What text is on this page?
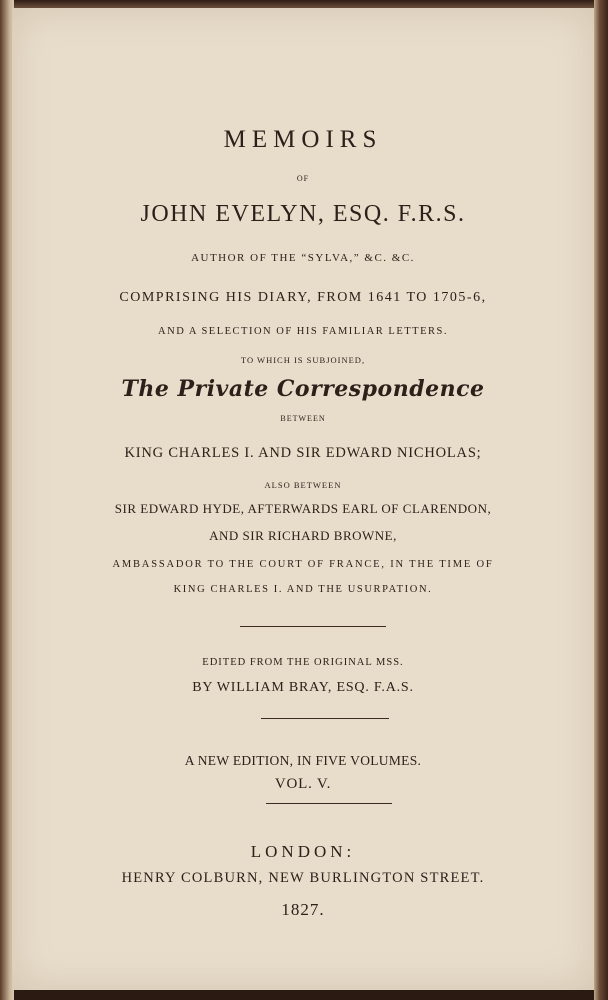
MEMOIRS

OF

JOHN EVELYN, ESQ. F.R.S.

AUTHOR OF THE “SYLVA,” &C. &C.

COMPRISING HIS DIARY, FROM 1641 TO 1705-6,

AND A SELECTION OF HIS FAMILIAR LETTERS.

TO WHICH IS SUBJOINED,

The Private Correspondence

BETWEEN

KING CHARLES I. AND SIR EDWARD NICHOLAS;

ALSO BETWEEN

SIR EDWARD HYDE, AFTERWARDS EARL OF CLARENDON,

AND SIR RICHARD BROWNE,

AMBASSADOR TO THE COURT OF FRANCE, IN THE TIME OF

KING CHARLES I. AND THE USURPATION.

EDITED FROM THE ORIGINAL MSS.

BY WILLIAM BRAY, ESQ. F.A.S.

A NEW EDITION, IN FIVE VOLUMES.

VOL. V.

LONDON:

HENRY COLBURN, NEW BURLINGTON STREET.

1827.
